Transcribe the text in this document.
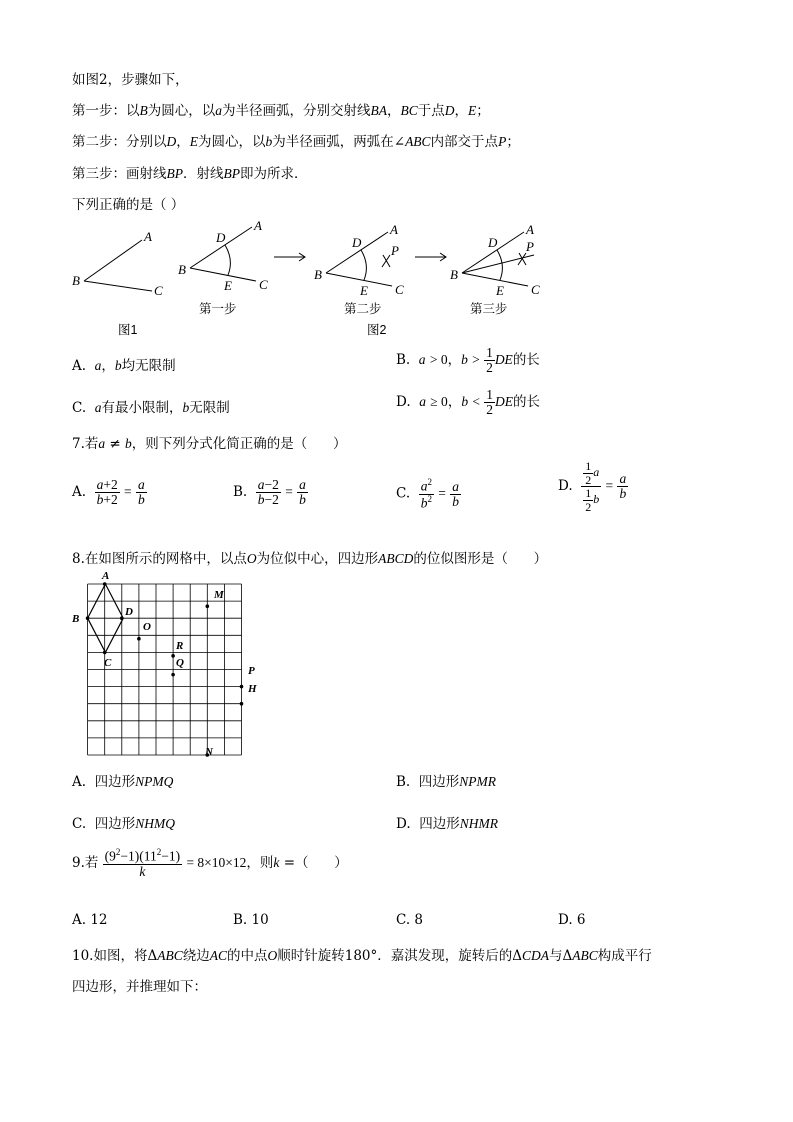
如图2，步骤如下，
第一步：以B为圆心，以a为半径画弧，分别交射线BA，BC于点D，E；
第二步：分别以D，E为圆心，以b为半径画弧，两弧在∠ABC内部交于点P；
第三步：画射线BP．射线BP即为所求．
下列正确的是（ ）
A
B
C
A
D
B
E C
A
D
P
B
E C
A
D P
B
E C
第一步	第二步	第三步
图1	图2
A.  a，b均无限制	B.  a > 0，$b > \frac{1}{2}$ DE的长
C.  a有最小限制，b无限制	D.  a ≥ 0，$b < \frac{1}{2}$ DE的长
7.若a ≠ b，则下列分式化简正确的是（      ）
A. $\frac{a+2}{b+2} = \frac{a}{b}$	B. $\frac{a-2}{b-2} = \frac{a}{b}$	C. $\frac{a^2}{b^2} = \frac{a}{b}$	D. $\frac{\frac{1}{2} a}{\frac{1}{2} b} = \frac{a}{b}$
8.在如图所示的网格中，以点O为位似中心，四边形ABCD的位似图形是（      ）
A
B
C
D
O
M
R
Q
P
H
N
A.  四边形NPMQ	B.  四边形NPMR
C.  四边形NHMQ	D.  四边形NHMR
9.若 $\frac{(9^2-1)(11^2-1)}{k} = 8\times 10\times 12$，则k =（      ）
A. 12	B. 10	C. 8	D. 6
10.如图，将ΔABC绕边AC的中点O顺时针旋转180°．嘉淇发现，旋转后的ΔCDA与ΔABC构成平行
四边形，并推理如下：
